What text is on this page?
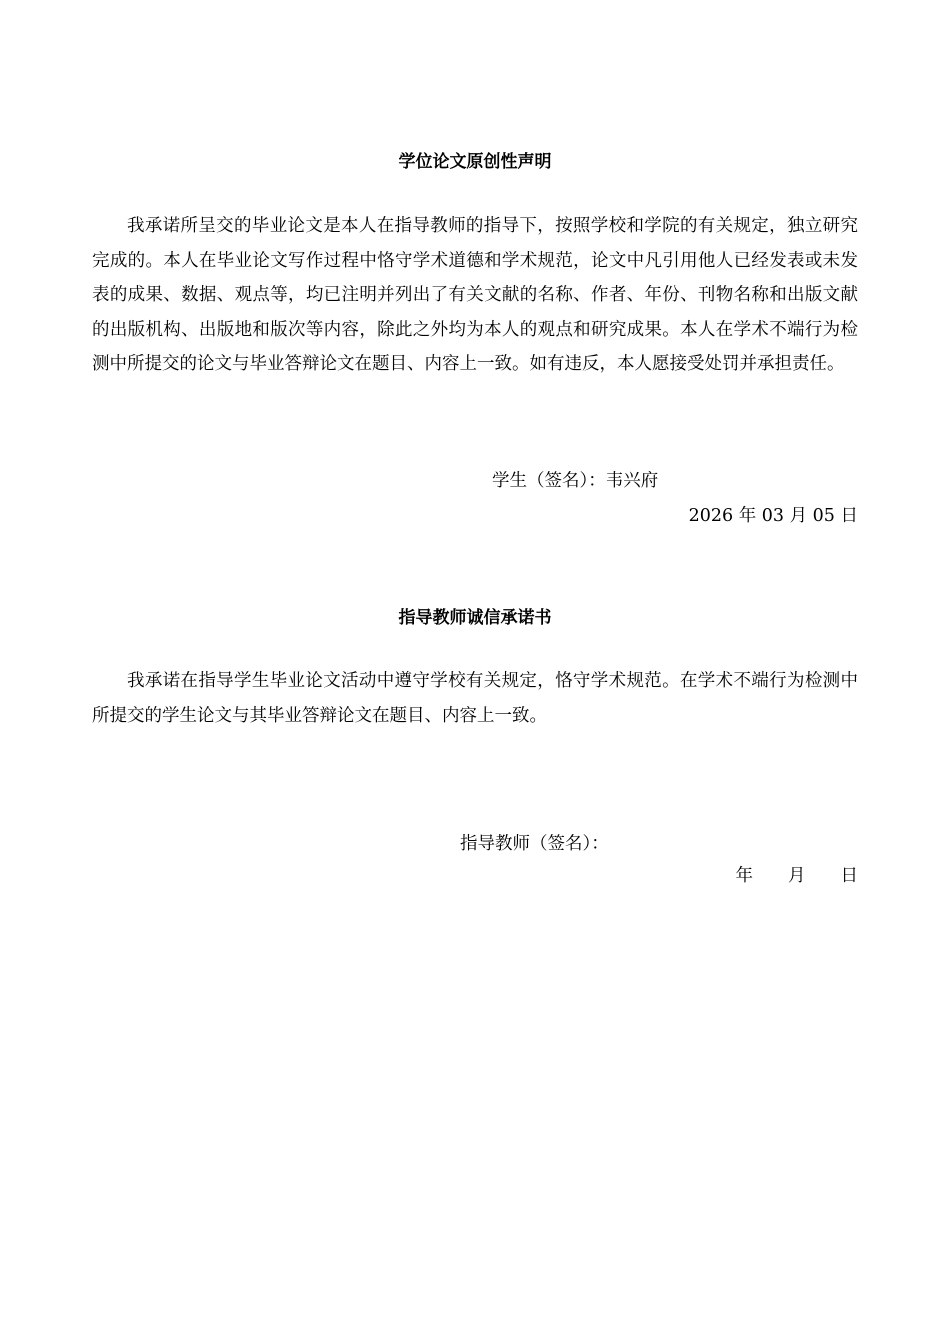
学位论文原创性声明

我承诺所呈交的毕业论文是本人在指导教师的指导下，按照学校和学院的有关规定，独立研究完成的。本人在毕业论文写作过程中恪守学术道德和学术规范，论文中凡引用他人已经发表或未发表的成果、数据、观点等，均已注明并列出了有关文献的名称、作者、年份、刊物名称和出版文献的出版机构、出版地和版次等内容，除此之外均为本人的观点和研究成果。本人在学术不端行为检测中所提交的论文与毕业答辩论文在题目、内容上一致。如有违反，本人愿接受处罚并承担责任。

学生（签名）：韦兴府
2026 年 03 月 05 日
指导教师诚信承诺书

我承诺在指导学生毕业论文活动中遵守学校有关规定，恪守学术规范。在学术不端行为检测中所提交的学生论文与其毕业答辩论文在题目、内容上一致。

指导教师（签名）：
年　　月　　日
